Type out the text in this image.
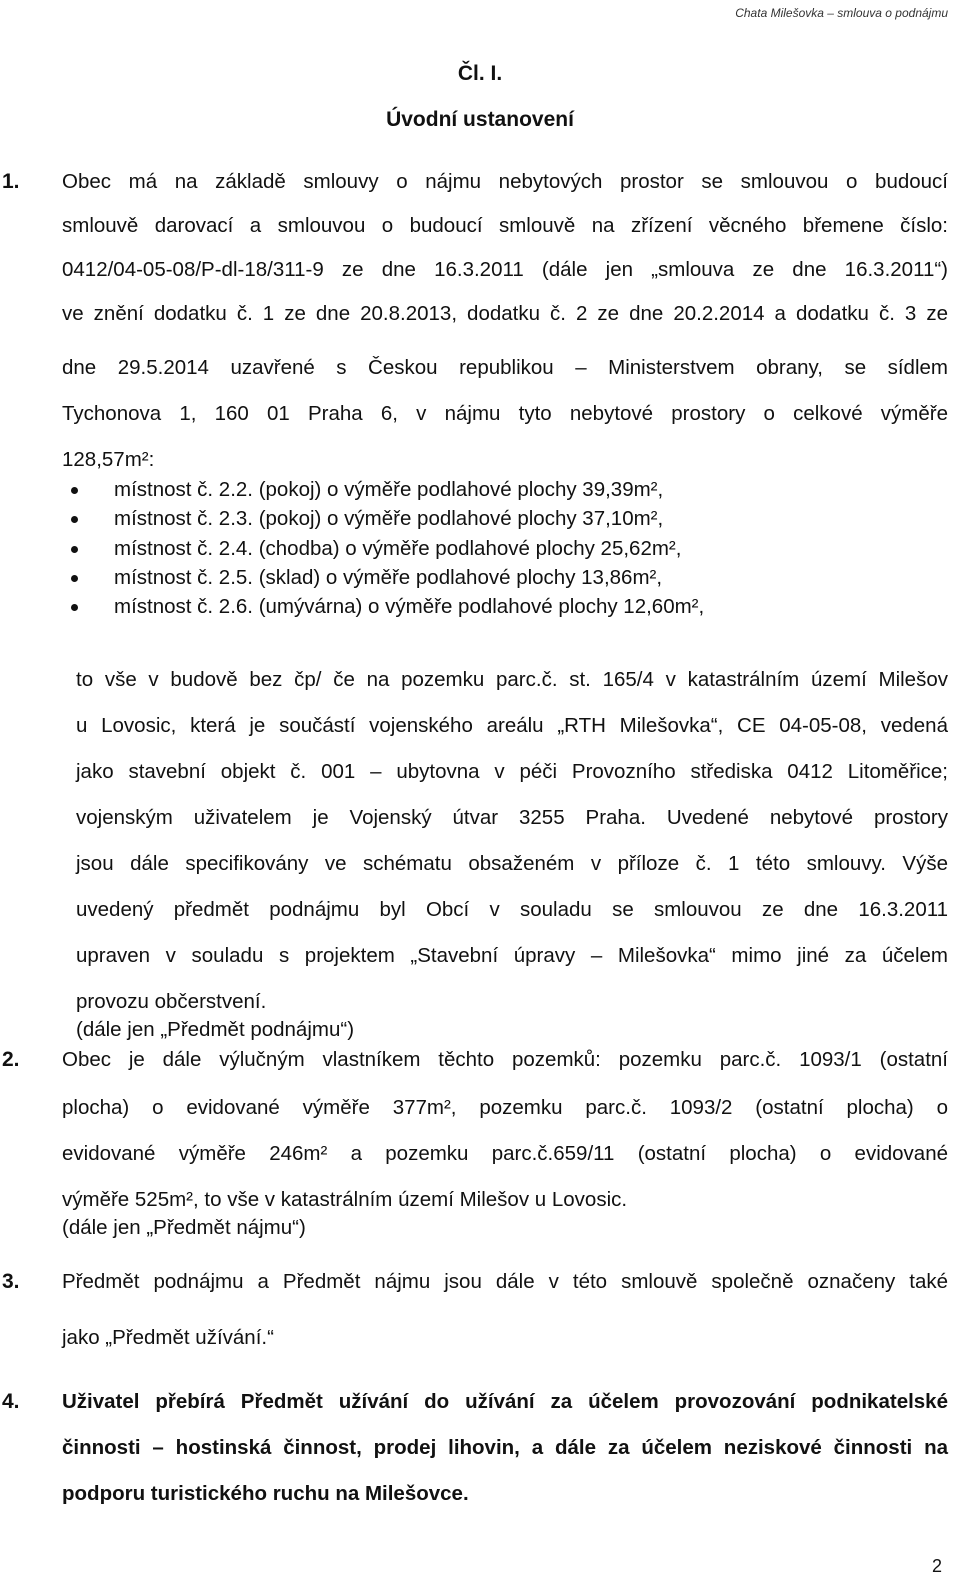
Chata Milešovka – smlouva o podnájmu
Čl. I.
Úvodní ustanovení
1. Obec má na základě smlouvy o nájmu nebytových prostor se smlouvou o budoucí
smlouvě darovací a smlouvou o budoucí smlouvě na zřízení věcného břemene číslo:
0412/04-05-08/P-dl-18/311-9 ze dne 16.3.2011 (dále jen „smlouva ze dne 16.3.2011“)
ve znění dodatku č. 1 ze dne 20.8.2013, dodatku č. 2 ze dne 20.2.2014 a dodatku č. 3 ze
dne 29.5.2014 uzavřené s Českou republikou – Ministerstvem obrany, se sídlem
Tychonova 1, 160 01 Praha 6, v nájmu tyto nebytové prostory o celkové výměře
128,57m²:
místnost č. 2.2. (pokoj) o výměře podlahové plochy 39,39m²,
místnost č. 2.3. (pokoj) o výměře podlahové plochy 37,10m²,
místnost č. 2.4. (chodba) o výměře podlahové plochy 25,62m²,
místnost č. 2.5. (sklad) o výměře podlahové plochy 13,86m²,
místnost č. 2.6. (umývárna) o výměře podlahové plochy 12,60m²,
to vše v budově bez čp/ če na pozemku parc.č. st. 165/4 v katastrálním území Milešov
u Lovosic, která je součástí vojenského areálu „RTH Milešovka“, CE 04-05-08, vedená
jako stavební objekt č. 001 – ubytovna v péči Provozního střediska 0412 Litoměřice;
vojenským uživatelem je Vojenský útvar 3255 Praha. Uvedené nebytové prostory
jsou dále specifikovány ve schématu obsaženém v příloze č. 1 této smlouvy. Výše
uvedený předmět podnájmu byl Obcí v souladu se smlouvou ze dne 16.3.2011
upraven v souladu s projektem „Stavební úpravy – Milešovka“ mimo jiné za účelem
provozu občerstvení.
(dále jen „Předmět podnájmu“)
2. Obec je dále výlučným vlastníkem těchto pozemků: pozemku parc.č. 1093/1 (ostatní
plocha) o evidované výměře 377m², pozemku parc.č. 1093/2 (ostatní plocha) o
evidované výměře 246m² a pozemku parc.č.659/11 (ostatní plocha) o evidované
výměře 525m², to vše v katastrálním území Milešov u Lovosic.
(dále jen „Předmět nájmu“)
3. Předmět podnájmu a Předmět nájmu jsou dále v této smlouvě společně označeny také
jako „Předmět užívání.“
4. Uživatel přebírá Předmět užívání do užívání za účelem provozování podnikatelské
činnosti – hostinská činnost, prodej lihovin, a dále za účelem neziskové činnosti na
podporu turistického ruchu na Milešovce.
2
